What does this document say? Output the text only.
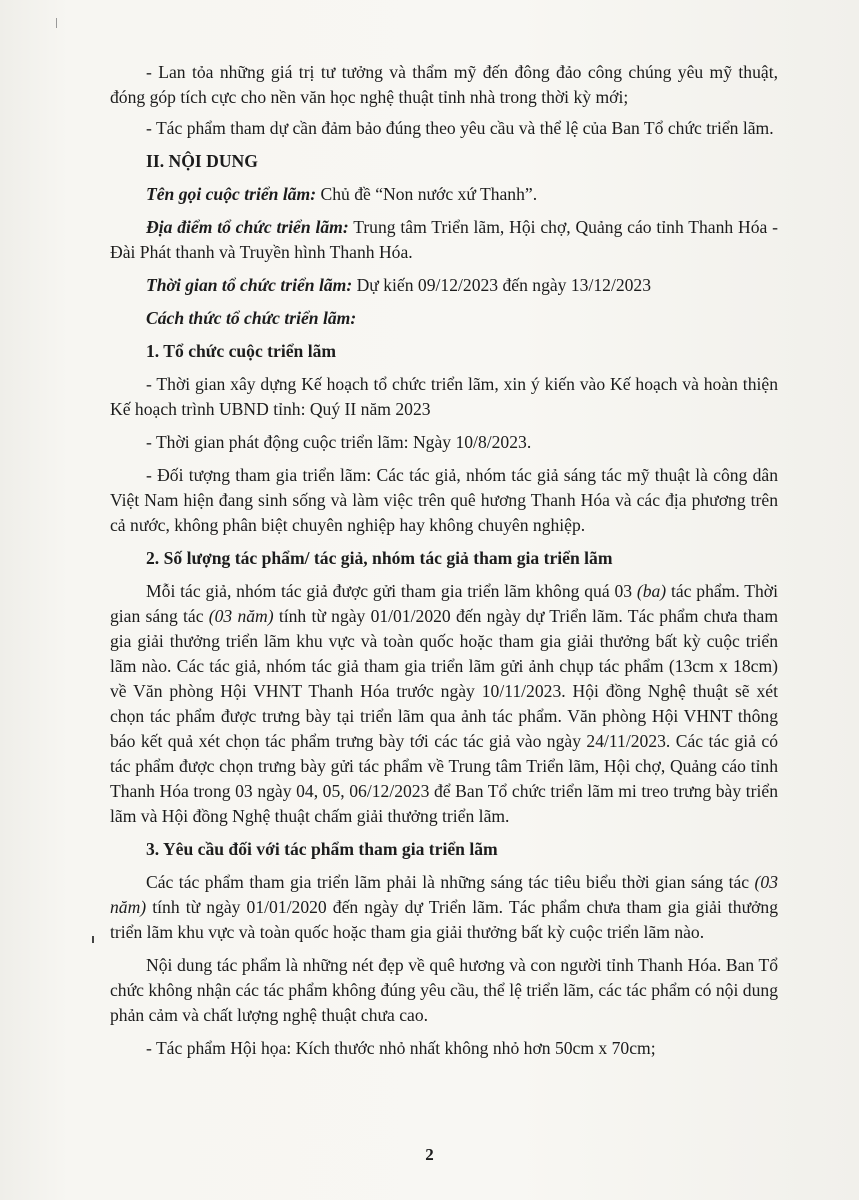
- Lan tỏa những giá trị tư tưởng và thẩm mỹ đến đông đảo công chúng yêu mỹ thuật, đóng góp tích cực cho nền văn học nghệ thuật tỉnh nhà trong thời kỳ mới;

- Tác phẩm tham dự cần đảm bảo đúng theo yêu cầu và thể lệ của Ban Tổ chức triển lãm.

II. NỘI DUNG

Tên gọi cuộc triển lãm: Chủ đề “Non nước xứ Thanh”.

Địa điểm tổ chức triển lãm: Trung tâm Triển lãm, Hội chợ, Quảng cáo tỉnh Thanh Hóa - Đài Phát thanh và Truyền hình Thanh Hóa.

Thời gian tổ chức triển lãm: Dự kiến 09/12/2023 đến ngày 13/12/2023

Cách thức tổ chức triển lãm:

1. Tổ chức cuộc triển lãm

- Thời gian xây dựng Kế hoạch tổ chức triển lãm, xin ý kiến vào Kế hoạch và hoàn thiện Kế hoạch trình UBND tỉnh: Quý II năm 2023

- Thời gian phát động cuộc triển lãm: Ngày 10/8/2023.

- Đối tượng tham gia triển lãm: Các tác giả, nhóm tác giả sáng tác mỹ thuật là công dân Việt Nam hiện đang sinh sống và làm việc trên quê hương Thanh Hóa và các địa phương trên cả nước, không phân biệt chuyên nghiệp hay không chuyên nghiệp.

2. Số lượng tác phẩm/ tác giả, nhóm tác giả tham gia triển lãm

Mỗi tác giả, nhóm tác giả được gửi tham gia triển lãm không quá 03 (ba) tác phẩm. Thời gian sáng tác (03 năm) tính từ ngày 01/01/2020 đến ngày dự Triển lãm. Tác phẩm chưa tham gia giải thưởng triển lãm khu vực và toàn quốc hoặc tham gia giải thưởng bất kỳ cuộc triển lãm nào. Các tác giả, nhóm tác giả tham gia triển lãm gửi ảnh chụp tác phẩm (13cm x 18cm) về Văn phòng Hội VHNT Thanh Hóa trước ngày 10/11/2023. Hội đồng Nghệ thuật sẽ xét chọn tác phẩm được trưng bày tại triển lãm qua ảnh tác phẩm. Văn phòng Hội VHNT thông báo kết quả xét chọn tác phẩm trưng bày tới các tác giả vào ngày 24/11/2023. Các tác giả có tác phẩm được chọn trưng bày gửi tác phẩm về Trung tâm Triển lãm, Hội chợ, Quảng cáo tỉnh Thanh Hóa trong 03 ngày 04, 05, 06/12/2023 để Ban Tổ chức triển lãm mi treo trưng bày triển lãm và Hội đồng Nghệ thuật chấm giải thưởng triển lãm.

3. Yêu cầu đối với tác phẩm tham gia triển lãm

Các tác phẩm tham gia triển lãm phải là những sáng tác tiêu biểu thời gian sáng tác (03 năm) tính từ ngày 01/01/2020 đến ngày dự Triển lãm. Tác phẩm chưa tham gia giải thưởng triển lãm khu vực và toàn quốc hoặc tham gia giải thưởng bất kỳ cuộc triển lãm nào.

Nội dung tác phẩm là những nét đẹp về quê hương và con người tỉnh Thanh Hóa. Ban Tổ chức không nhận các tác phẩm không đúng yêu cầu, thể lệ triển lãm, các tác phẩm có nội dung phản cảm và chất lượng nghệ thuật chưa cao.

- Tác phẩm Hội họa: Kích thước nhỏ nhất không nhỏ hơn 50cm x 70cm;

2
